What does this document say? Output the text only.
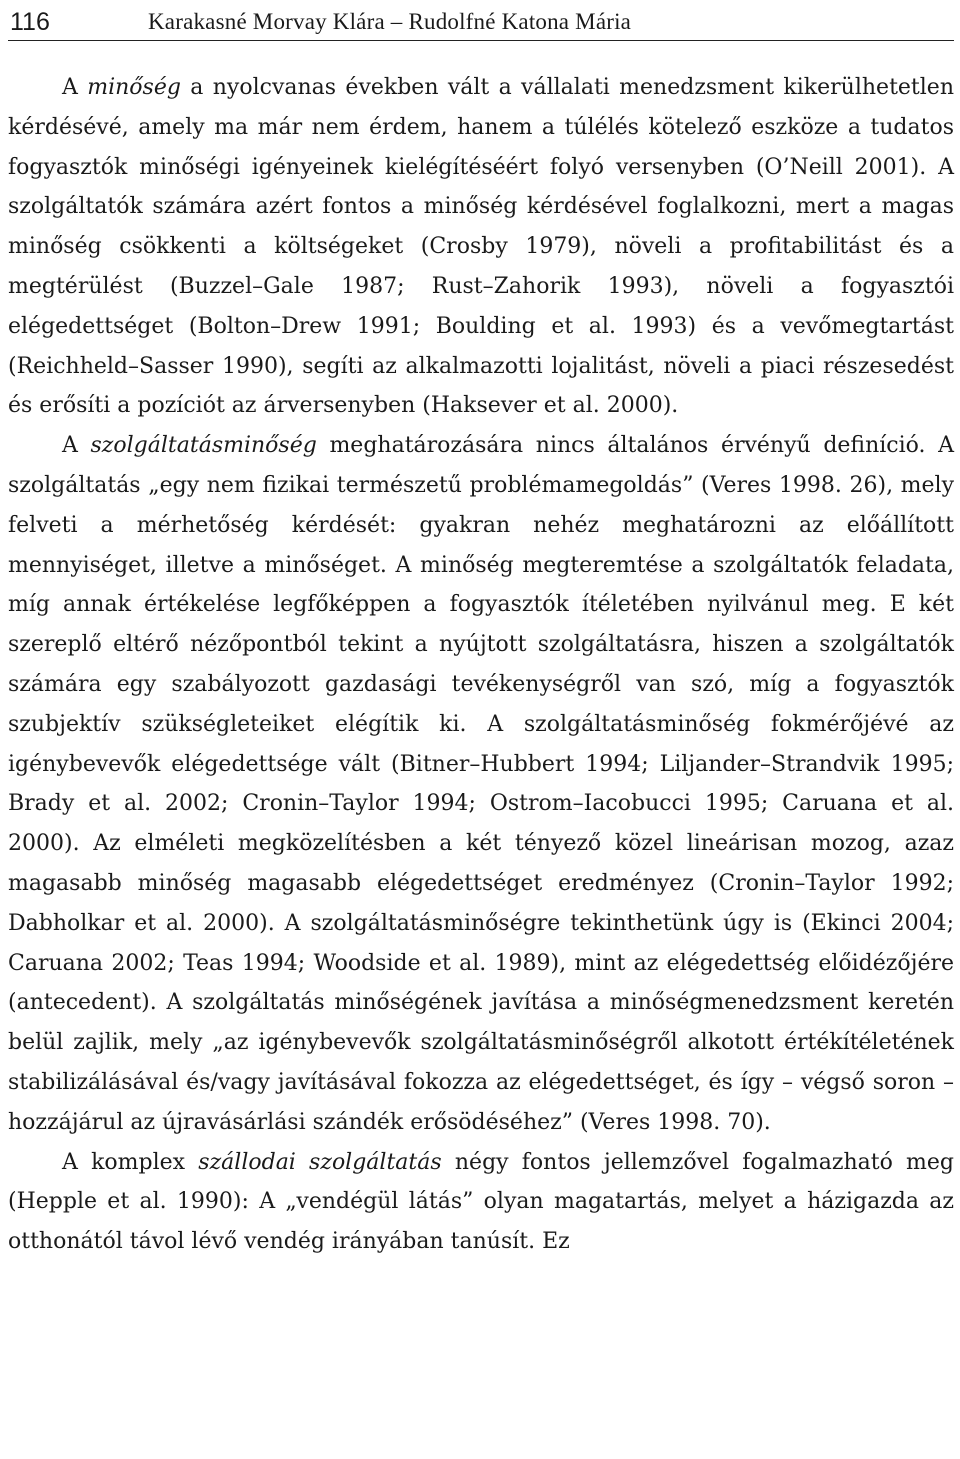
116	Karakasné Morvay Klára – Rudolfné Katona Mária

A minőség a nyolcvanas években vált a vállalati menedzsment kikerülhetetlen kérdésévé, amely ma már nem érdem, hanem a túlélés kötelező eszköze a tudatos fogyasztók minőségi igényeinek kielégítéséért folyó versenyben (O’Neill 2001). A szolgáltatók számára azért fontos a minőség kérdésével foglalkozni, mert a magas minőség csökkenti a költségeket (Crosby 1979), növeli a profitabilitást és a megtérülést (Buzzel–Gale 1987; Rust–Zahorik 1993), növeli a fogyasztói elégedettséget (Bolton–Drew 1991; Boulding et al. 1993) és a vevőmegtartást (Reichheld–Sasser 1990), segíti az alkalmazotti lojalitást, növeli a piaci részesedést és erősíti a pozíciót az árversenyben (Haksever et al. 2000).

A szolgáltatásminőség meghatározására nincs általános érvényű definíció. A szolgáltatás „egy nem fizikai természetű problémamegoldás” (Veres 1998. 26), mely felveti a mérhetőség kérdését: gyakran nehéz meghatározni az előállított mennyiséget, illetve a minőséget. A minőség megteremtése a szolgáltatók feladata, míg annak értékelése legfőképpen a fogyasztók ítéletében nyilvánul meg. E két szereplő eltérő nézőpontból tekint a nyújtott szolgáltatásra, hiszen a szolgáltatók számára egy szabályozott gazdasági tevékenységről van szó, míg a fogyasztók szubjektív szükségleteiket elégítik ki. A szolgáltatásminőség fokmérőjévé az igénybevevők elégedettsége vált (Bitner–Hubbert 1994; Liljander–Strandvik 1995; Brady et al. 2002; Cronin–Taylor 1994; Ostrom–Iacobucci 1995; Caruana et al. 2000). Az elméleti megközelítésben a két tényező közel lineárisan mozog, azaz magasabb minőség magasabb elégedettséget eredményez (Cronin–Taylor 1992; Dabholkar et al. 2000). A szolgáltatásminőségre tekinthetünk úgy is (Ekinci 2004; Caruana 2002; Teas 1994; Woodside et al. 1989), mint az elégedettség előidézőjére (antecedent). A szolgáltatás minőségének javítása a minőségmenedzsment keretén belül zajlik, mely „az igénybevevők szolgáltatásminőségről alkotott értékítéletének stabilizálásával és/vagy javításával fokozza az elégedettséget, és így – végső soron – hozzájárul az újravásárlási szándék erősödéséhez” (Veres 1998. 70).

A komplex szállodai szolgáltatás négy fontos jellemzővel fogalmazható meg (Hepple et al. 1990): A „vendégül látás” olyan magatartás, melyet a házigazda az otthonától távol lévő vendég irányában tanúsít. Ez
